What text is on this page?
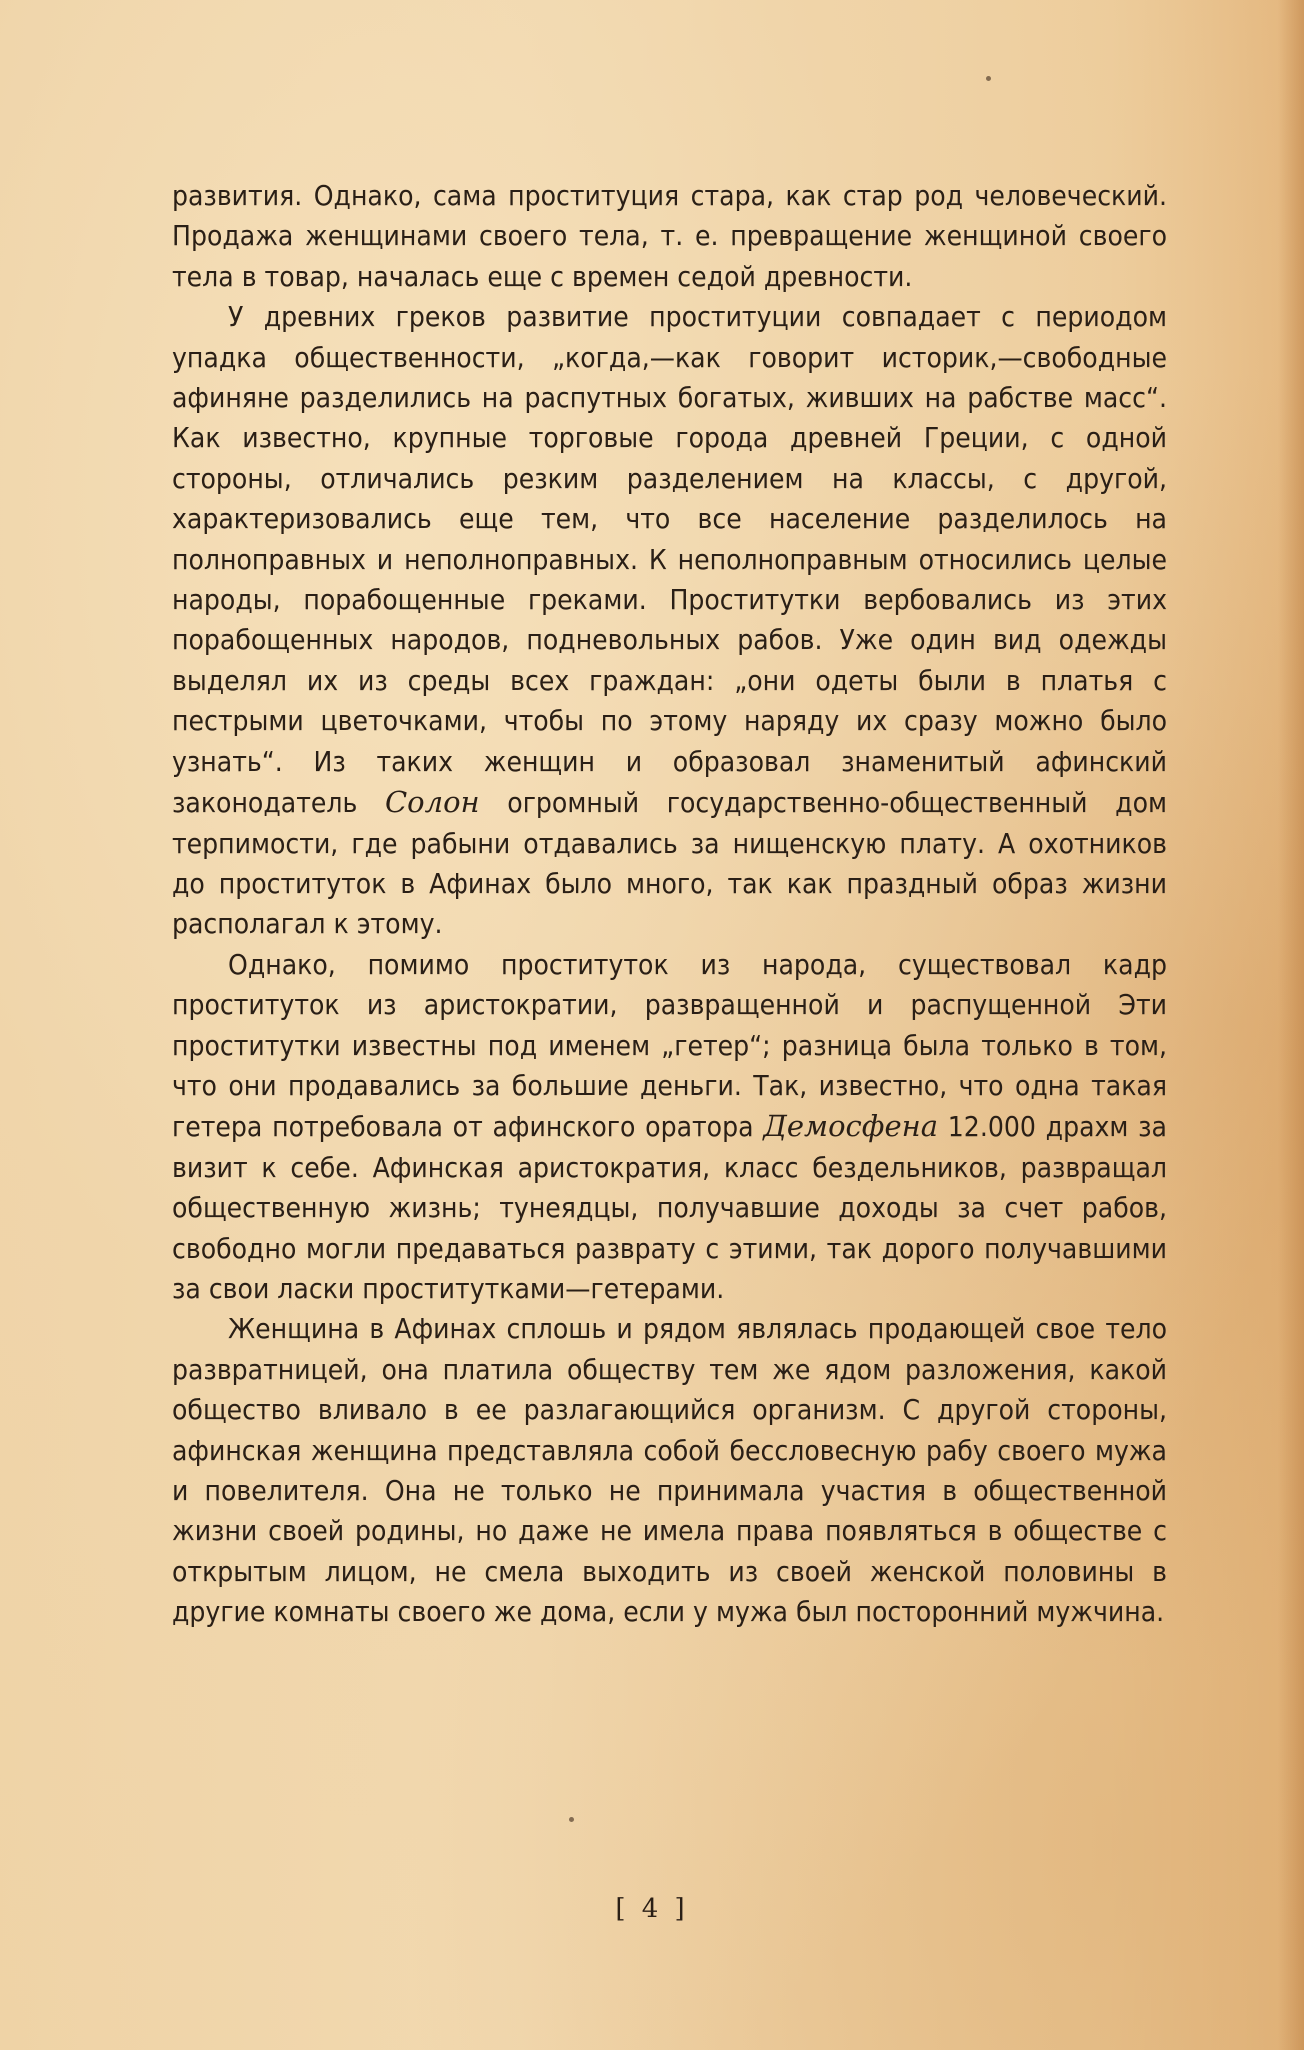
развития. Однако, сама проституция стара, как стар род человеческий. Продажа женщинами своего тела, т. е. превращение женщиной своего тела в товар, началась еще с времен седой древности.

У древних греков развитие проституции совпадает с периодом упадка общественности, „когда,—как говорит историк,—свободные афиняне разделились на распутных богатых, живших на рабстве масс“. Как известно, крупные торговые города древней Греции, с одной стороны, отличались резким разделением на классы, с другой, характеризовались еще тем, что все население разделилось на полноправных и неполноправных. К неполноправным относились целые народы, порабощенные греками. Проститутки вербовались из этих порабощенных народов, подневольных рабов. Уже один вид одежды выделял их из среды всех граждан: „они одеты были в платья с пестрыми цветочками, чтобы по этому наряду их сразу можно было узнать“. Из таких женщин и образовал знаменитый афинский законодатель Солон огромный государственно-общественный дом терпимости, где рабыни отдавались за нищенскую плату. А охотников до проституток в Афинах было много, так как праздный образ жизни располагал к этому.

Однако, помимо проституток из народа, существовал кадр проституток из аристократии, развращенной и распущенной Эти проститутки известны под именем „гетер“; разница была только в том, что они продавались за большие деньги. Так, известно, что одна такая гетера потребовала от афинского оратора Демосфена 12.000 драхм за визит к себе. Афинская аристократия, класс бездельников, развращал общественную жизнь; тунеядцы, получавшие доходы за счет рабов, свободно могли предаваться разврату с этими, так дорого получавшими за свои ласки проститутками—гетерами.

Женщина в Афинах сплошь и рядом являлась продающей свое тело развратницей, она платила обществу тем же ядом разложения, какой общество вливало в ее разлагающийся организм. С другой стороны, афинская женщина представляла собой бессловесную рабу своего мужа и повелителя. Она не только не принимала участия в общественной жизни своей родины, но даже не имела права появляться в обществе с открытым лицом, не смела выходить из своей женской половины в другие комнаты своего же дома, если у мужа был посторонний мужчина.

[ 4 ]
